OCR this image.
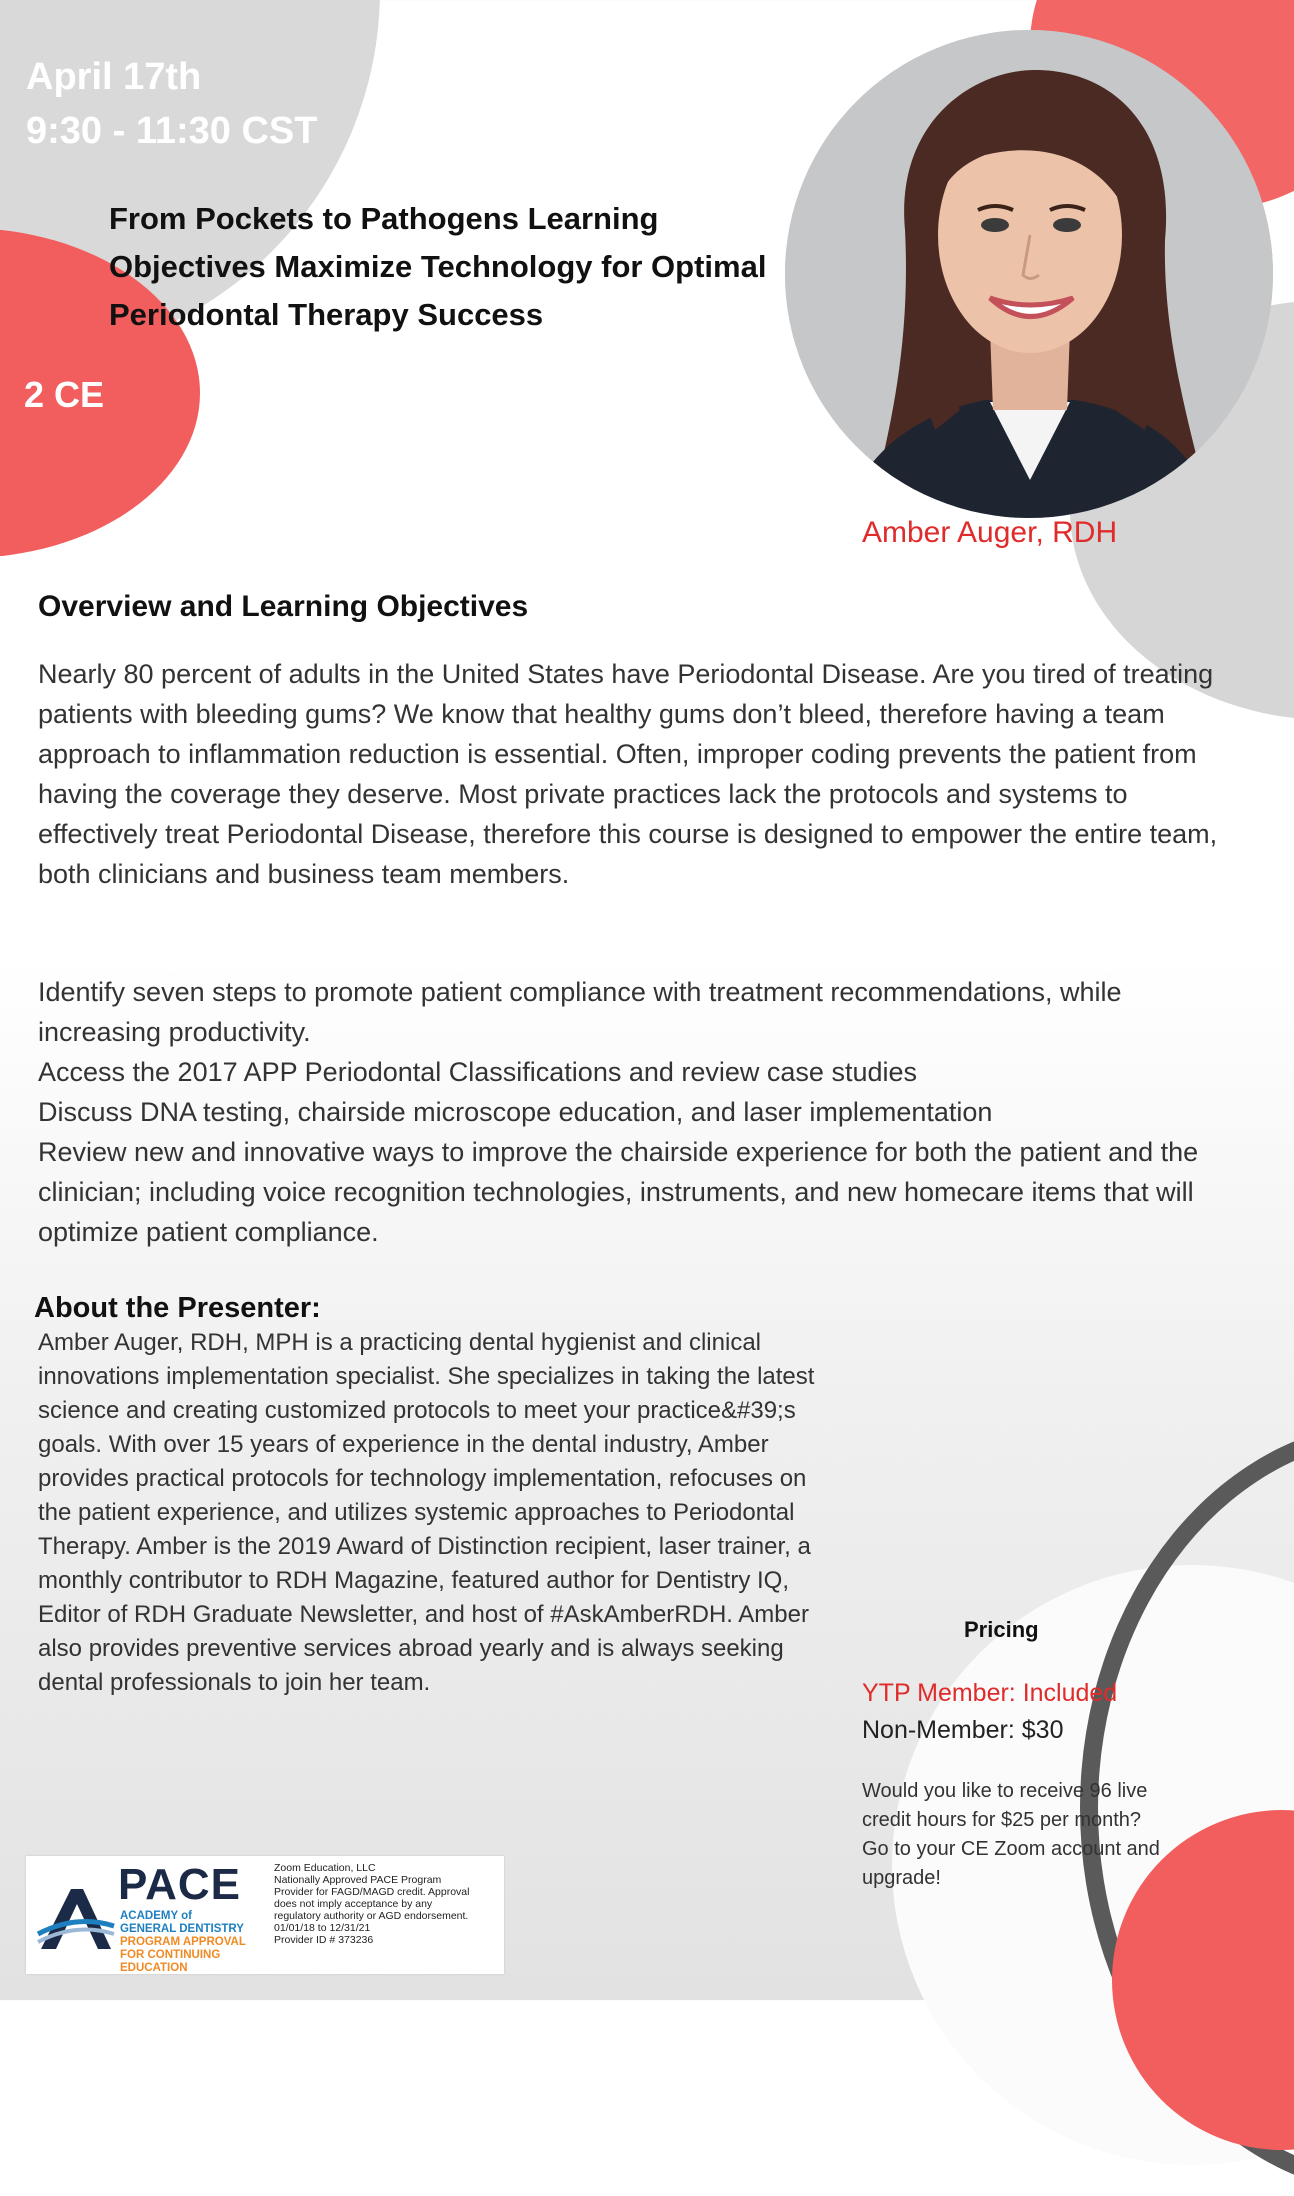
April 17th
9:30 - 11:30 CST
From Pockets to Pathogens Learning Objectives Maximize Technology for Optimal Periodontal Therapy Success
2 CE
Amber Auger, RDH
Overview and Learning Objectives

Nearly 80 percent of adults in the United States have Periodontal Disease. Are you tired of treating patients with bleeding gums? We know that healthy gums don’t bleed, therefore having a team approach to inflammation reduction is essential. Often, improper coding prevents the patient from having the coverage they deserve. Most private practices lack the protocols and systems to effectively treat Periodontal Disease, therefore this course is designed to empower the entire team, both clinicians and business team members.

Identify seven steps to promote patient compliance with treatment recommendations, while increasing productivity.
Access the 2017 APP Periodontal Classifications and review case studies
Discuss DNA testing, chairside microscope education, and laser implementation
Review new and innovative ways to improve the chairside experience for both the patient and the clinician; including voice recognition technologies, instruments, and new homecare items that will optimize patient compliance.
About the Presenter:

Amber Auger, RDH, MPH is a practicing dental hygienist and clinical innovations implementation specialist. She specializes in taking the latest science and creating customized protocols to meet your practice&#39;s goals. With over 15 years of experience in the dental industry, Amber provides practical protocols for technology implementation, refocuses on the patient experience, and utilizes systemic approaches to Periodontal Therapy. Amber is the 2019 Award of Distinction recipient, laser trainer, a monthly contributor to RDH Magazine, featured author for Dentistry IQ, Editor of RDH Graduate Newsletter, and host of #AskAmberRDH. Amber also provides preventive services abroad yearly and is always seeking dental professionals to join her team.

Pricing
YTP Member: Included
Non-Member: $30
Would you like to receive 96 live credit hours for $25 per month? Go to your CE Zoom account and upgrade!
PACE
ACADEMY of
GENERAL DENTISTRY
PROGRAM APPROVAL
FOR CONTINUING
EDUCATION
Zoom Education, LLC
Nationally Approved PACE Program
Provider for FAGD/MAGD credit. Approval
does not imply acceptance by any
regulatory authority or AGD endorsement.
01/01/18 to 12/31/21
Provider ID # 373236
